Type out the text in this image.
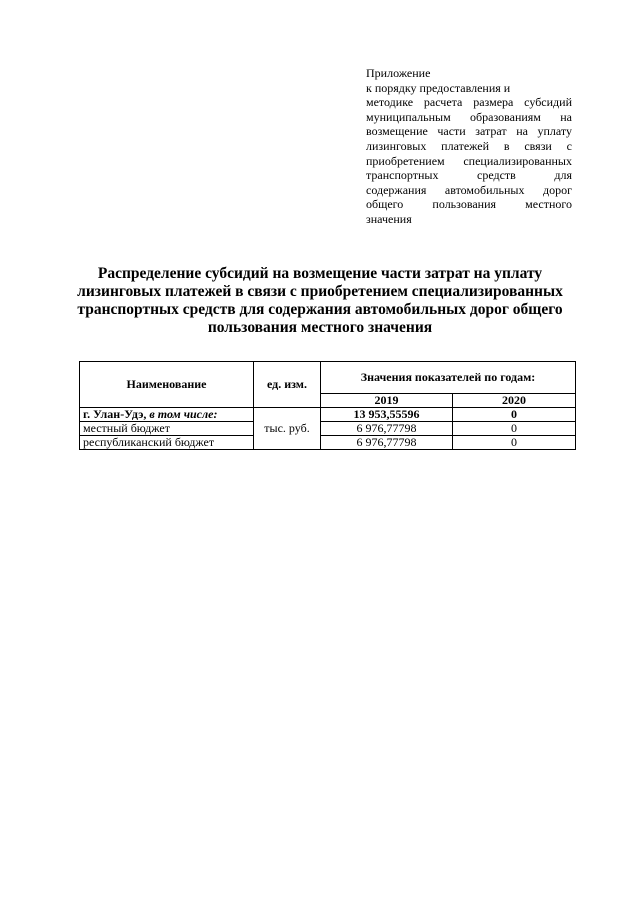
Приложение
к порядку предоставления и
методике расчета размера субсидий
муниципальным образованиям на
возмещение части затрат на уплату
лизинговых платежей в связи с
приобретением специализированных
транспортных средств для
содержания автомобильных дорог
общего пользования местного
значения
Распределение субсидий на возмещение части затрат на уплату
лизинговых платежей в связи с приобретением специализированных
транспортных средств для содержания автомобильных дорог общего
пользования местного значения
Наименование	ед. изм.	Значения показателей по годам:	
		2019	2020
г. Улан-Удэ, в том числе:	тыс. руб.	13 953,55596	0
местный бюджет		6 976,77798	0
республиканский бюджет		6 976,77798	0
